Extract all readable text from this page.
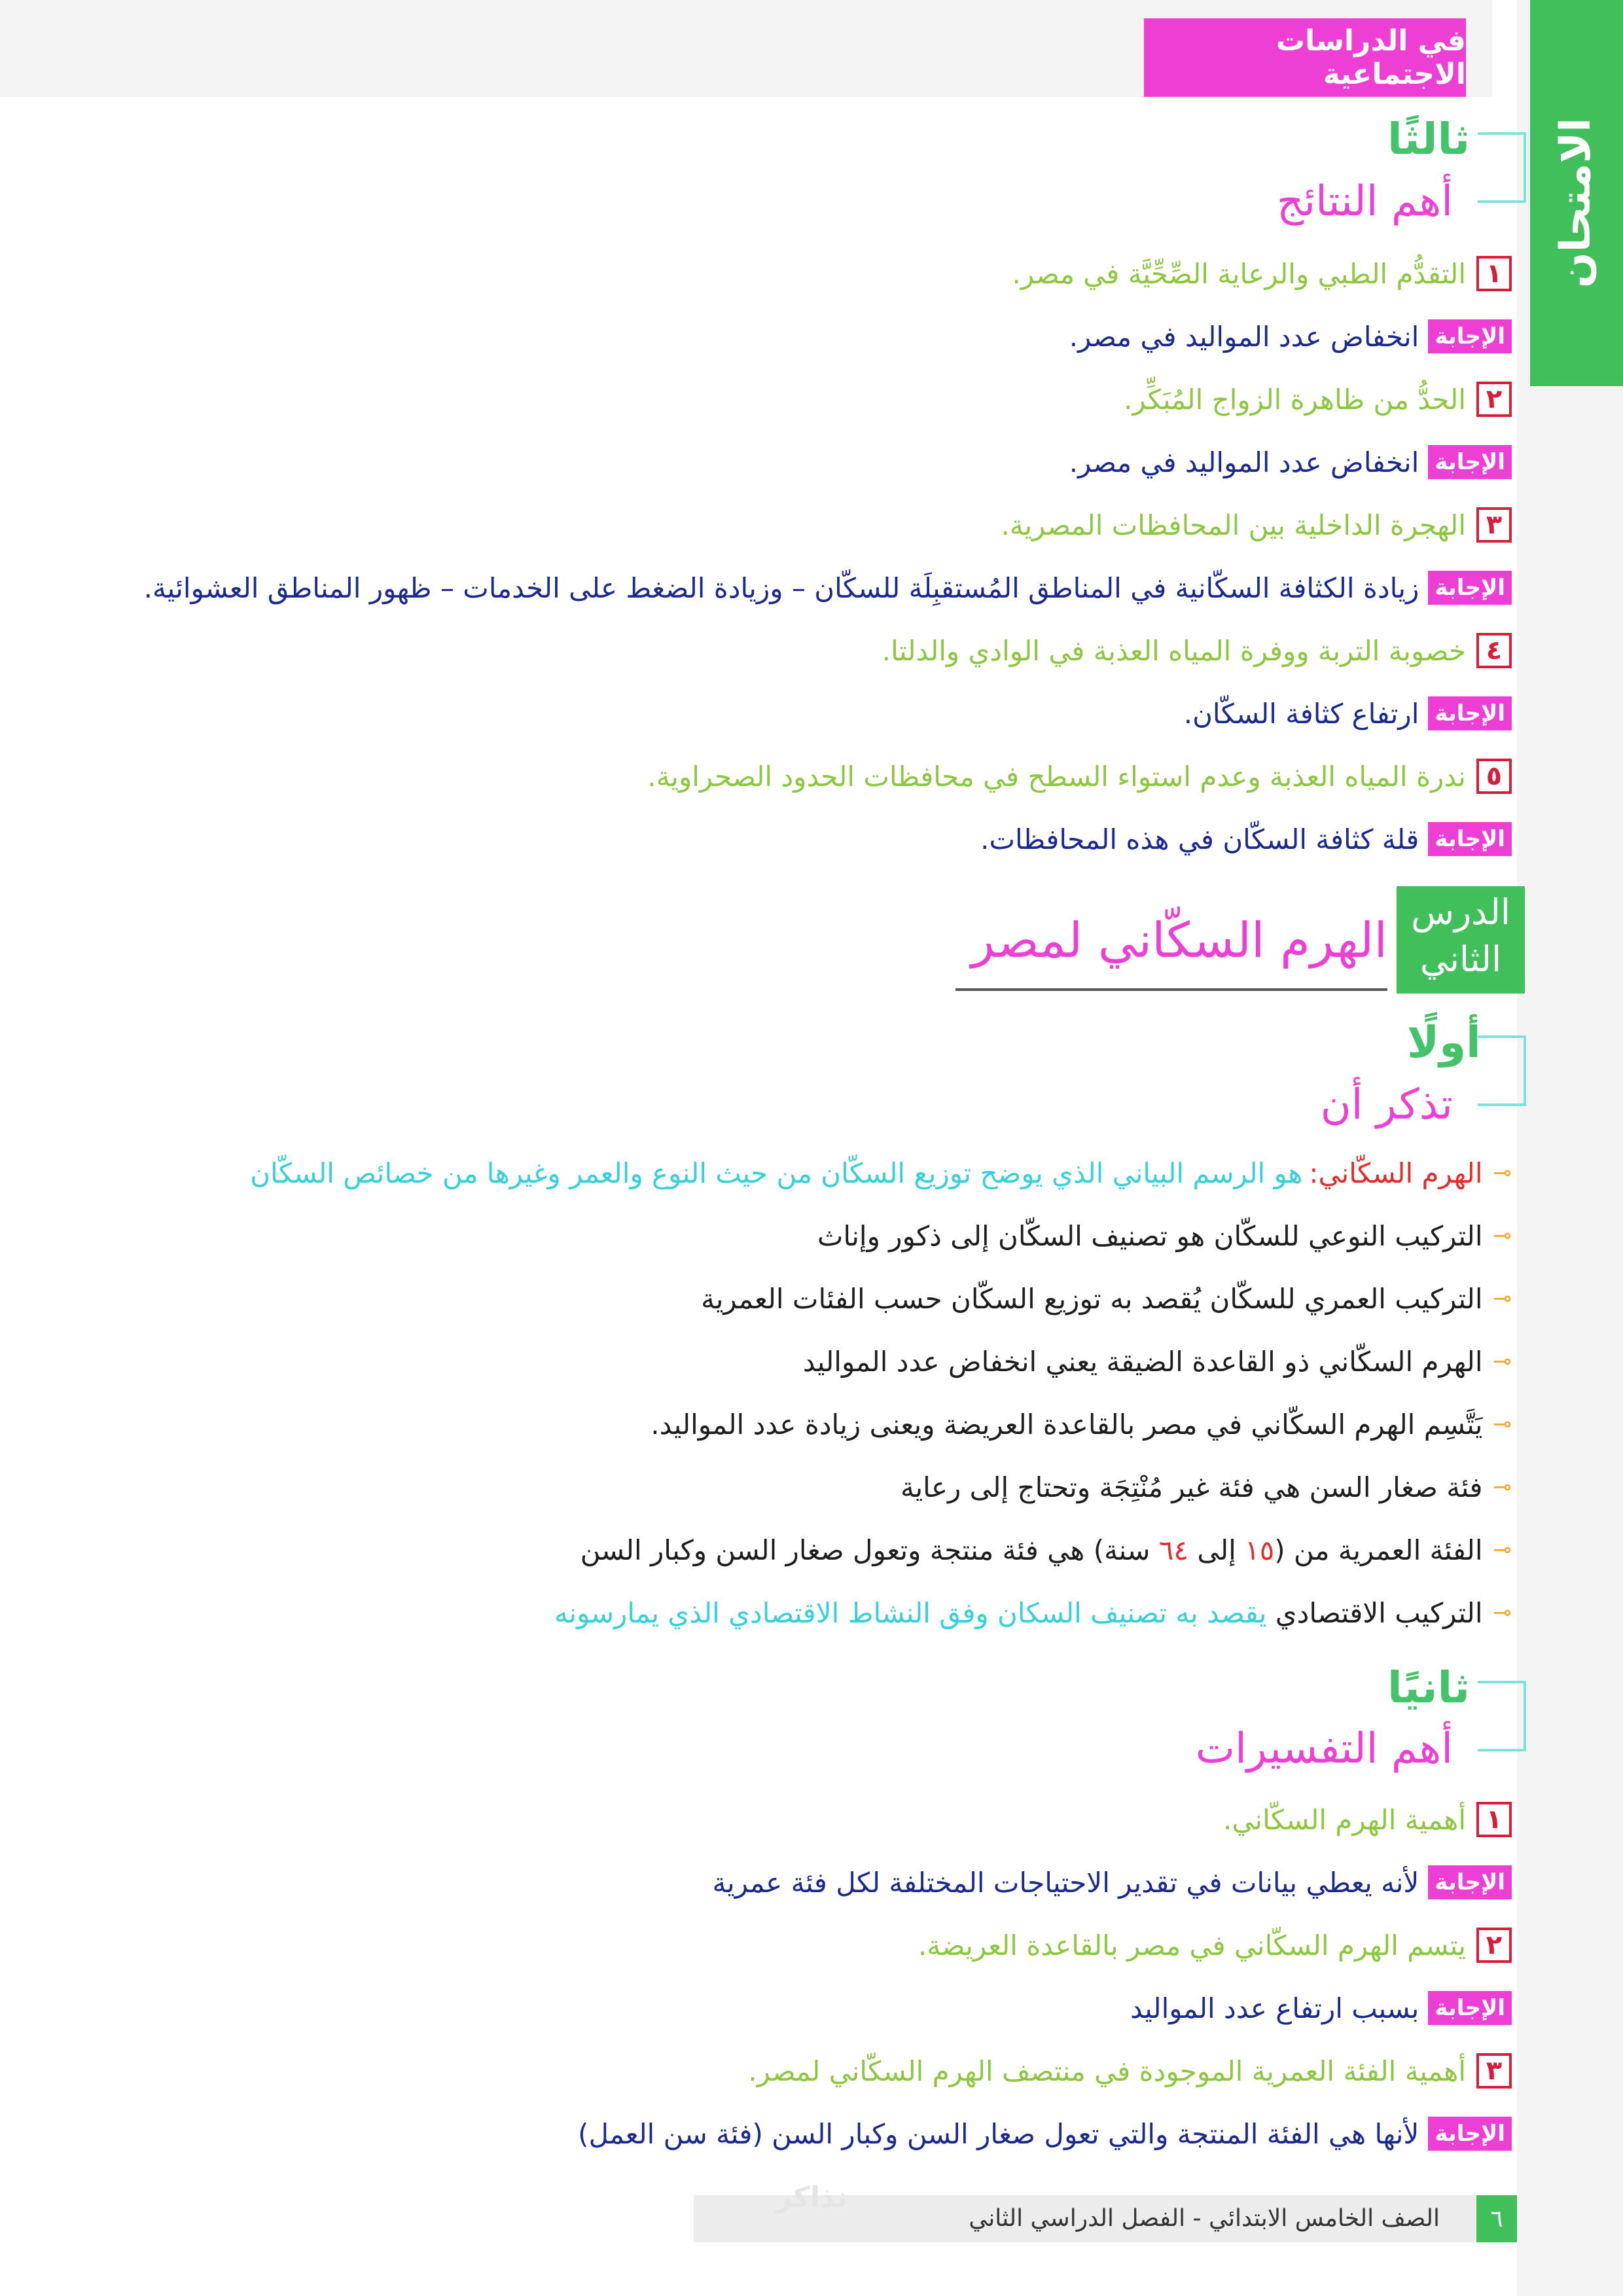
في الدراسات الاجتماعية
الامتحان
ثالثًا
أهم النتائج
١
التقدُّم الطبي والرعاية الصِّحِّيَّة في مصر.
الإجابة
انخفاض عدد المواليد في مصر.
٢
الحدُّ من ظاهرة الزواج المُبَكِّر.
الإجابة
انخفاض عدد المواليد في مصر.
٣
الهجرة الداخلية بين المحافظات المصرية.
الإجابة
زيادة الكثافة السكّانية في المناطق المُستقبِلَة للسكّان – وزيادة الضغط على الخدمات – ظهور المناطق العشوائية.
٤
خصوبة التربة ووفرة المياه العذبة في الوادي والدلتا.
الإجابة
ارتفاع كثافة السكّان.
٥
ندرة المياه العذبة وعدم استواء السطح في محافظات الحدود الصحراوية.
الإجابة
قلة كثافة السكّان في هذه المحافظات.
الدرس
الثاني
الهرم السكّاني لمصر
أولًا
تذكر أن
⊸
الهرم السكّاني:
هو الرسم البياني الذي يوضح توزيع السكّان من حيث النوع والعمر وغيرها من خصائص السكّان
⊸
التركيب النوعي للسكّان هو تصنيف السكّان إلى ذكور وإناث
⊸
التركيب العمري للسكّان يُقصد به توزيع السكّان حسب الفئات العمرية
⊸
الهرم السكّاني ذو القاعدة الضيقة يعني انخفاض عدد المواليد
⊸
يَتَّسِم الهرم السكّاني في مصر بالقاعدة العريضة ويعنى زيادة عدد المواليد.
⊸
فئة صغار السن هي فئة غير مُنْتِجَة وتحتاج إلى رعاية
⊸
الفئة العمرية من (
١٥
إلى
٦٤
سنة) هي فئة منتجة وتعول صغار السن وكبار السن
⊸
التركيب الاقتصادي
يقصد به تصنيف السكان وفق النشاط الاقتصادي الذي يمارسونه
ثانيًا
أهم التفسيرات
١
أهمية الهرم السكّاني.
الإجابة
لأنه يعطي بيانات في تقدير الاحتياجات المختلفة لكل فئة عمرية
٢
يتسم الهرم السكّاني في مصر بالقاعدة العريضة.
الإجابة
بسبب ارتفاع عدد المواليد
٣
أهمية الفئة العمرية الموجودة في منتصف الهرم السكّاني لمصر.
الإجابة
لأنها هي الفئة المنتجة والتي تعول صغار السن وكبار السن (فئة سن العمل)
نذاكر
الصف الخامس الابتدائي - الفصل الدراسي الثاني	٦
